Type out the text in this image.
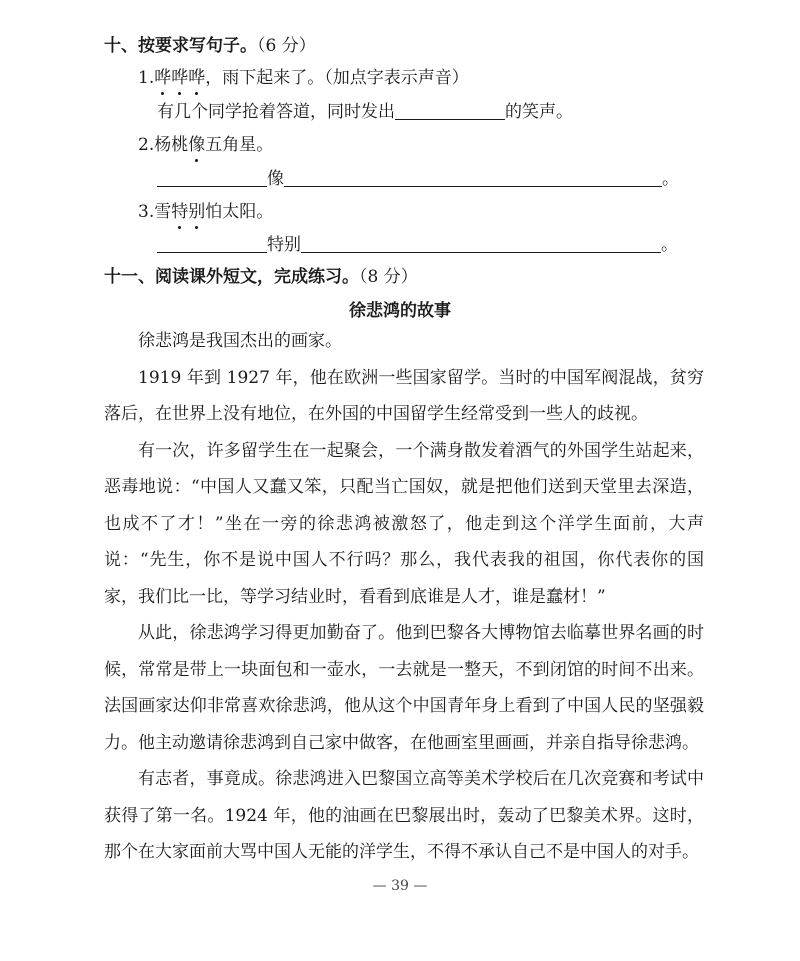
十、按要求写句子。（6 分）
1.哗哗哗，雨下起来了。（加点字表示声音）
有几个同学抢着答道，同时发出	的笑声。
2.杨桃像五角星。
像	。
3.雪特别怕太阳。
特别	。
十一、阅读课外短文，完成练习。（8 分）
徐悲鸿的故事

徐悲鸿是我国杰出的画家。

1919 年到 1927 年，他在欧洲一些国家留学。当时的中国军阀混战，贫穷落后，在世界上没有地位，在外国的中国留学生经常受到一些人的歧视。

有一次，许多留学生在一起聚会，一个满身散发着酒气的外国学生站起来，恶毒地说：“中国人又蠢又笨，只配当亡国奴，就是把他们送到天堂里去深造，也成不了才！”坐在一旁的徐悲鸿被激怒了，他走到这个洋学生面前，大声说：“先生，你不是说中国人不行吗？那么，我代表我的祖国，你代表你的国家，我们比一比，等学习结业时，看看到底谁是人才，谁是蠢材！”

从此，徐悲鸿学习得更加勤奋了。他到巴黎各大博物馆去临摹世界名画的时候，常常是带上一块面包和一壶水，一去就是一整天，不到闭馆的时间不出来。法国画家达仰非常喜欢徐悲鸿，他从这个中国青年身上看到了中国人民的坚强毅力。他主动邀请徐悲鸿到自己家中做客，在他画室里画画，并亲自指导徐悲鸿。

有志者，事竟成。徐悲鸿进入巴黎国立高等美术学校后在几次竞赛和考试中获得了第一名。1924 年，他的油画在巴黎展出时，轰动了巴黎美术界。这时，那个在大家面前大骂中国人无能的洋学生，不得不承认自己不是中国人的对手。

— 39 —
